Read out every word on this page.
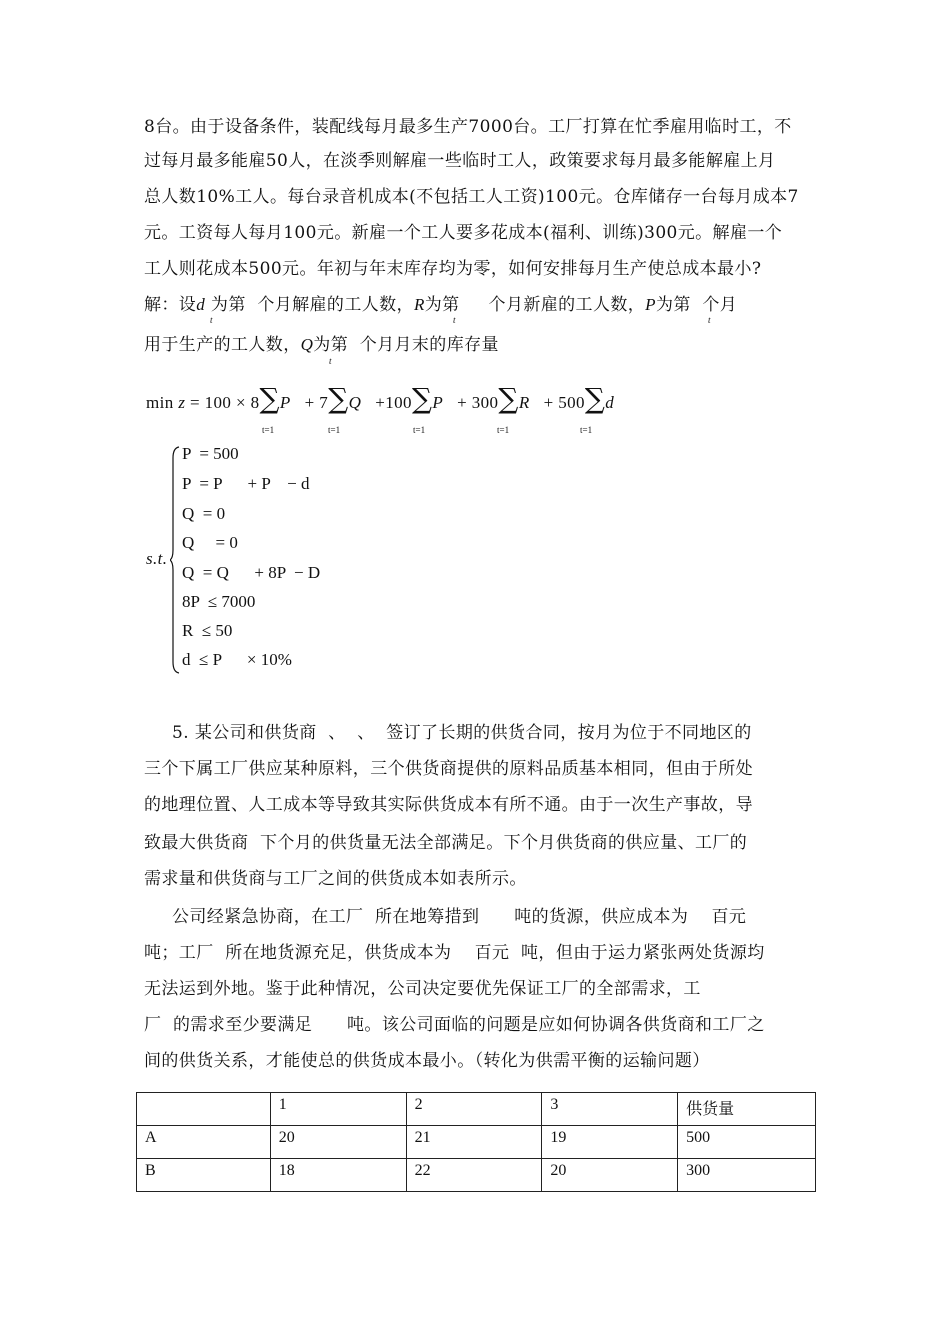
8台。由于设备条件，装配线每月最多生产7000台。工厂打算在忙季雇用临时工，不
过每月最多能雇50人，在淡季则解雇一些临时工人，政策要求每月最多能解雇上月
总人数10%工人。每台录音机成本(不包括工人工资)100元。仓库储存一台每月成本7
元。工资每人每月100元。新雇一个工人要多花成本(福利、训练)300元。解雇一个
工人则花成本500元。年初与年末库存均为零，如何安排每月生产使总成本最小?
解：设d 为第  个月解雇的工人数，R为第     个月新雇的工人数，P为第  个月
t	t	t
用于生产的工人数，Q为第  个月月末的库存量
t
min z = 100 × 8∑P + 7∑Q +100∑P + 300∑R + 500∑d
t=1	t=1	t=1	t=1	t=1
s.t.
P  = 500
P  = P      + P    − d
Q  = 0
Q     = 0
Q  = Q      + 8P  − D
8P  ≤ 7000
R  ≤ 50
d  ≤ P      × 10%
5. 某公司和供货商  、  、  签订了长期的供货合同，按月为位于不同地区的
三个下属工厂供应某种原料，三个供货商提供的原料品质基本相同，但由于所处
的地理位置、人工成本等导致其实际供货成本有所不通。由于一次生产事故，导
致最大供货商  下个月的供货量无法全部满足。下个月供货商的供应量、工厂的
需求量和供货商与工厂之间的供货成本如表所示。
公司经紧急协商，在工厂  所在地筹措到      吨的货源，供应成本为    百元
吨；工厂  所在地货源充足，供货成本为    百元  吨，但由于运力紧张两处货源均
无法运到外地。鉴于此种情况，公司决定要优先保证工厂的全部需求，工
厂  的需求至少要满足      吨。该公司面临的问题是应如何协调各供货商和工厂之
间的供货关系，才能使总的供货成本最小。（转化为供需平衡的运输问题）
	1	2	3	供货量
A	20	21	19	500
B	18	22	20	300
